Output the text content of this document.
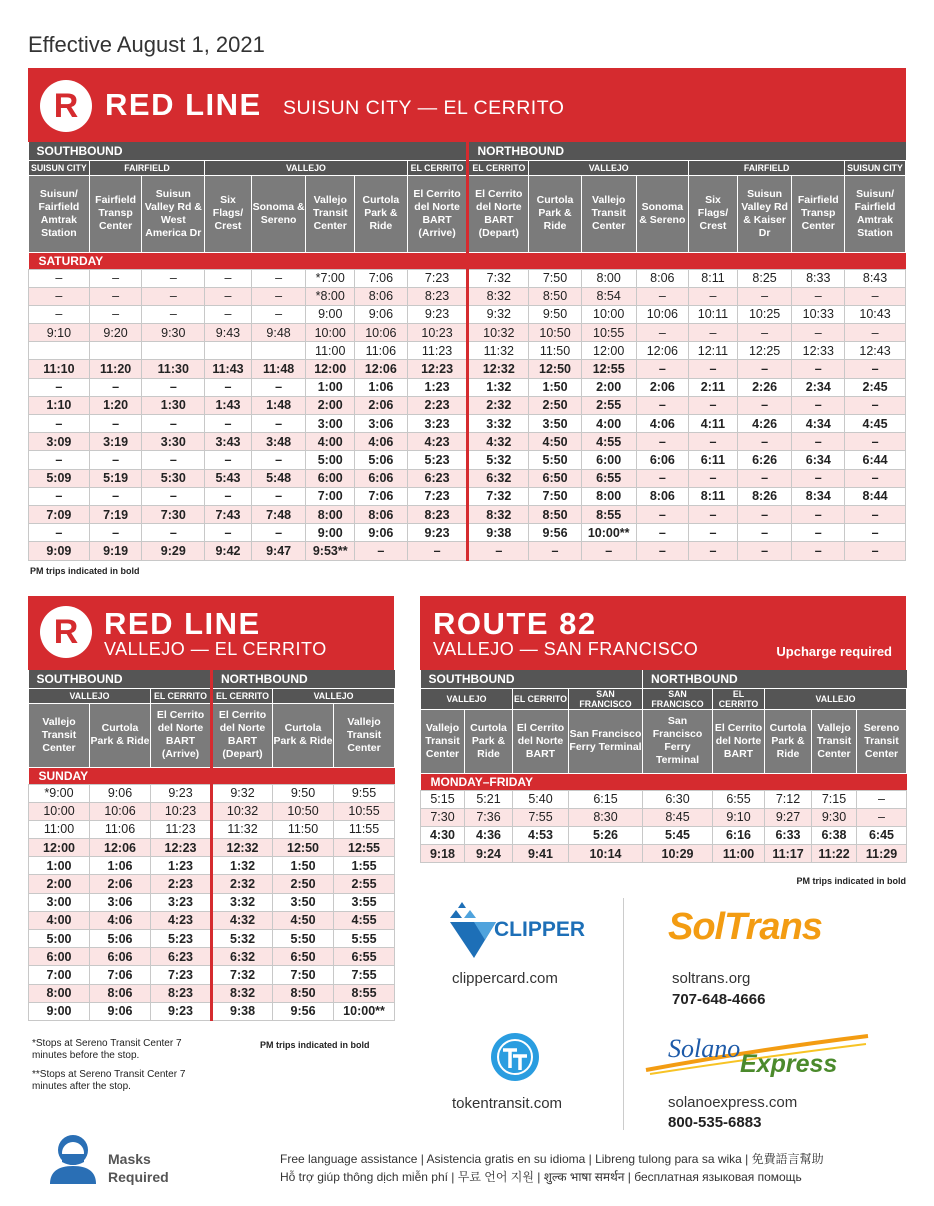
Effective August 1, 2021
R RED LINE SUISUN CITY — EL CERRITO
SOUTHBOUND								NORTHBOUND							
SUISUN CITY	FAIRFIELD		VALLEJO				EL CERRITO	EL CERRITO	VALLEJO			FAIRFIELD			SUISUN CITY
Suisun/ Fairfield Amtrak Station	Fairfield Transp Center	Suisun Valley Rd & West America Dr	Six Flags/ Crest	Sonoma & Sereno	Vallejo Transit Center	Curtola Park & Ride	El Cerrito del Norte BART (Arrive)	El Cerrito del Norte BART (Depart)	Curtola Park & Ride	Vallejo Transit Center	Sonoma & Sereno	Six Flags/ Crest	Suisun Valley Rd & Kaiser Dr	Fairfield Transp Center	Suisun/ Fairfield Amtrak Station
SATURDAY															
–	–	–	–	–	*7:00	7:06	7:23	7:32	7:50	8:00	8:06	8:11	8:25	8:33	8:43
–	–	–	–	–	*8:00	8:06	8:23	8:32	8:50	8:54	–	–	–	–	–
–	–	–	–	–	9:00	9:06	9:23	9:32	9:50	10:00	10:06	10:11	10:25	10:33	10:43
9:10	9:20	9:30	9:43	9:48	10:00	10:06	10:23	10:32	10:50	10:55	–	–	–	–	–
					11:00	11:06	11:23	11:32	11:50	12:00	12:06	12:11	12:25	12:33	12:43
11:10	11:20	11:30	11:43	11:48	12:00	12:06	12:23	12:32	12:50	12:55	–	–	–	–	–
–	–	–	–	–	1:00	1:06	1:23	1:32	1:50	2:00	2:06	2:11	2:26	2:34	2:45
1:10	1:20	1:30	1:43	1:48	2:00	2:06	2:23	2:32	2:50	2:55	–	–	–	–	–
–	–	–	–	–	3:00	3:06	3:23	3:32	3:50	4:00	4:06	4:11	4:26	4:34	4:45
3:09	3:19	3:30	3:43	3:48	4:00	4:06	4:23	4:32	4:50	4:55	–	–	–	–	–
–	–	–	–	–	5:00	5:06	5:23	5:32	5:50	6:00	6:06	6:11	6:26	6:34	6:44
5:09	5:19	5:30	5:43	5:48	6:00	6:06	6:23	6:32	6:50	6:55	–	–	–	–	–
–	–	–	–	–	7:00	7:06	7:23	7:32	7:50	8:00	8:06	8:11	8:26	8:34	8:44
7:09	7:19	7:30	7:43	7:48	8:00	8:06	8:23	8:32	8:50	8:55	–	–	–	–	–
–	–	–	–	–	9:00	9:06	9:23	9:38	9:56	10:00**	–	–	–	–	–
9:09	9:19	9:29	9:42	9:47	9:53**	–	–	–	–	–	–	–	–	–	–
PM trips indicated in bold
R RED LINE
VALLEJO — EL CERRITO
SOUTHBOUND			NORTHBOUND		
VALLEJO		EL CERRITO	EL CERRITO	VALLEJO	
Vallejo Transit Center	Curtola Park & Ride	El Cerrito del Norte BART (Arrive)	El Cerrito del Norte BART (Depart)	Curtola Park & Ride	Vallejo Transit Center
SUNDAY					
*9:00	9:06	9:23	9:32	9:50	9:55
10:00	10:06	10:23	10:32	10:50	10:55
11:00	11:06	11:23	11:32	11:50	11:55
12:00	12:06	12:23	12:32	12:50	12:55
1:00	1:06	1:23	1:32	1:50	1:55
2:00	2:06	2:23	2:32	2:50	2:55
3:00	3:06	3:23	3:32	3:50	3:55
4:00	4:06	4:23	4:32	4:50	4:55
5:00	5:06	5:23	5:32	5:50	5:55
6:00	6:06	6:23	6:32	6:50	6:55
7:00	7:06	7:23	7:32	7:50	7:55
8:00	8:06	8:23	8:32	8:50	8:55
9:00	9:06	9:23	9:38	9:56	10:00**
*Stops at Sereno Transit Center 7 minutes before the stop.
**Stops at Sereno Transit Center 7 minutes after the stop.
PM trips indicated in bold
ROUTE 82
VALLEJO — SAN FRANCISCO	Upcharge required
SOUTHBOUND				NORTHBOUND				
VALLEJO		EL CERRITO	SAN FRANCISCO	SAN FRANCISCO	EL CERRITO	VALLEJO		
Vallejo Transit Center	Curtola Park & Ride	El Cerrito del Norte BART	San Francisco Ferry Terminal	San Francisco Ferry Terminal	El Cerrito del Norte BART	Curtola Park & Ride	Vallejo Transit Center	Sereno Transit Center
MONDAY–FRIDAY								
5:15	5:21	5:40	6:15	6:30	6:55	7:12	7:15	–
7:30	7:36	7:55	8:30	8:45	9:10	9:27	9:30	–
4:30	4:36	4:53	5:26	5:45	6:16	6:33	6:38	6:45
9:18	9:24	9:41	10:14	10:29	11:00	11:17	11:22	11:29
PM trips indicated in bold
CLIPPER
clippercard.com
SolTrans
soltrans.org
707-648-4666
tokentransit.com
Solano
Express
solanoexpress.com
800-535-6883
Masks
Required
Free language assistance | Asistencia gratis en su idioma | Libreng tulong para sa wika | 免費語言幫助
Hỗ trợ giúp thông dịch miễn phí | 무료 언어 지원 | शुल्क भाषा समर्थन | бесплатная языковая помощь
